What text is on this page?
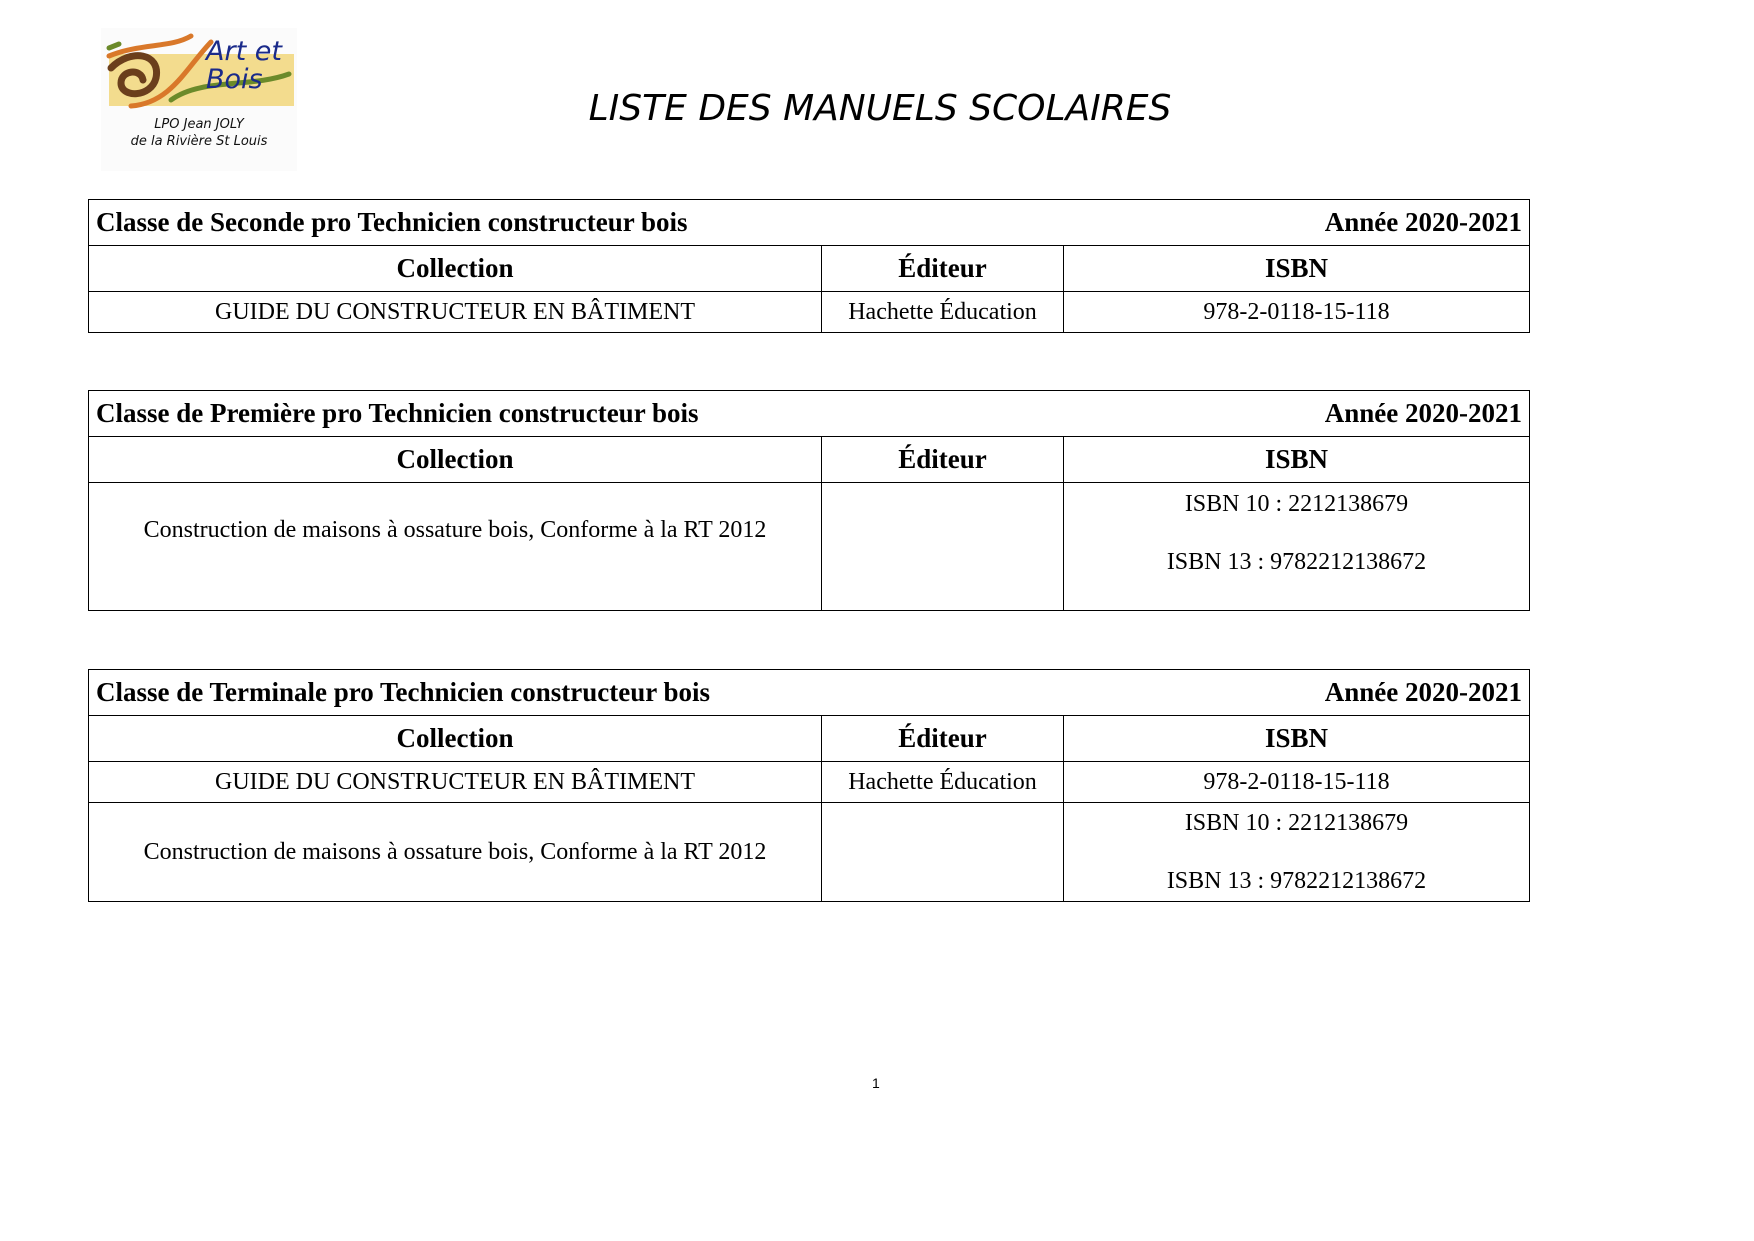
Art et Bois
LPO Jean JOLY
de la Rivière St Louis
LISTE DES MANUELS SCOLAIRES
Classe de Seconde pro Technicien constructeur bois Année 2020-2021		

Collection	Éditeur	ISBN
GUIDE DU CONSTRUCTEUR EN BÂTIMENT	Hachette Éducation	978-2-0118-15-118
Classe de Première pro Technicien constructeur bois Année 2020-2021		

Collection	Éditeur	ISBN
Construction de maisons à ossature bois, Conforme à la RT 2012		ISBN 10 : 2212138679
ISBN 13 : 9782212138672
Classe de Terminale pro Technicien constructeur bois Année 2020-2021		

Collection	Éditeur	ISBN
GUIDE DU CONSTRUCTEUR EN BÂTIMENT	Hachette Éducation	978-2-0118-15-118
Construction de maisons à ossature bois, Conforme à la RT 2012		ISBN 10 : 2212138679
ISBN 13 : 9782212138672
1
